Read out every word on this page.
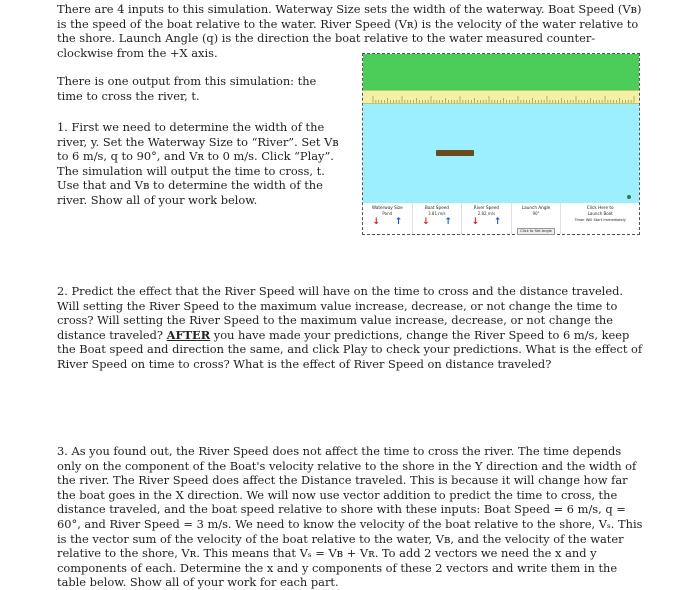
There are 4 inputs to this simulation. Waterway Size sets the width of the waterway. Boat Speed (Vʙ) is the speed of the boat relative to the water. River Speed (Vʀ) is the velocity of the water relative to the shore. Launch Angle (q) is the direction the boat relative to the water measured counter-clockwise from the +X axis.

There is one output from this simulation: the time to cross the river, t.

1. First we need to determine the width of the river, y. Set the Waterway Size to “River”. Set Vʙ to 6 m/s, q to 90°, and Vʀ to 0 m/s. Click “Play”. The simulation will output the time to cross, t. Use that and Vʙ to determine the width of the river. Show all of your work below.

Waterway Size
Pond
↓ ↑
Boat Speed
3.81 m/s
↓ ↑
River Speed
2.82 m/s
↓ ↑
Launch Angle
90°
Click to Set Angle
Click Here to
Launch Boat
Timer Will Start Immediately

2. Predict the effect that the River Speed will have on the time to cross and the distance traveled. Will setting the River Speed to the maximum value increase, decrease, or not change the time to cross? Will setting the River Speed to the maximum value increase, decrease, or not change the distance traveled? AFTER you have made your predictions, change the River Speed to 6 m/s, keep the Boat speed and direction the same, and click Play to check your predictions. What is the effect of River Speed on time to cross? What is the effect of River Speed on distance traveled?

3. As you found out, the River Speed does not affect the time to cross the river. The time depends only on the component of the Boat's velocity relative to the shore in the Y direction and the width of the river. The River Speed does affect the Distance traveled. This is because it will change how far the boat goes in the X direction. We will now use vector addition to predict the time to cross, the distance traveled, and the boat speed relative to shore with these inputs: Boat Speed = 6 m/s, q = 60°, and River Speed = 3 m/s. We need to know the velocity of the boat relative to the shore, Vₛ. This is the vector sum of the velocity of the boat relative to the water, Vʙ, and the velocity of the water relative to the shore, Vʀ. This means that Vₛ = Vʙ + Vʀ. To add 2 vectors we need the x and y components of each. Determine the x and y components of these 2 vectors and write them in the table below. Show all of your work for each part.
